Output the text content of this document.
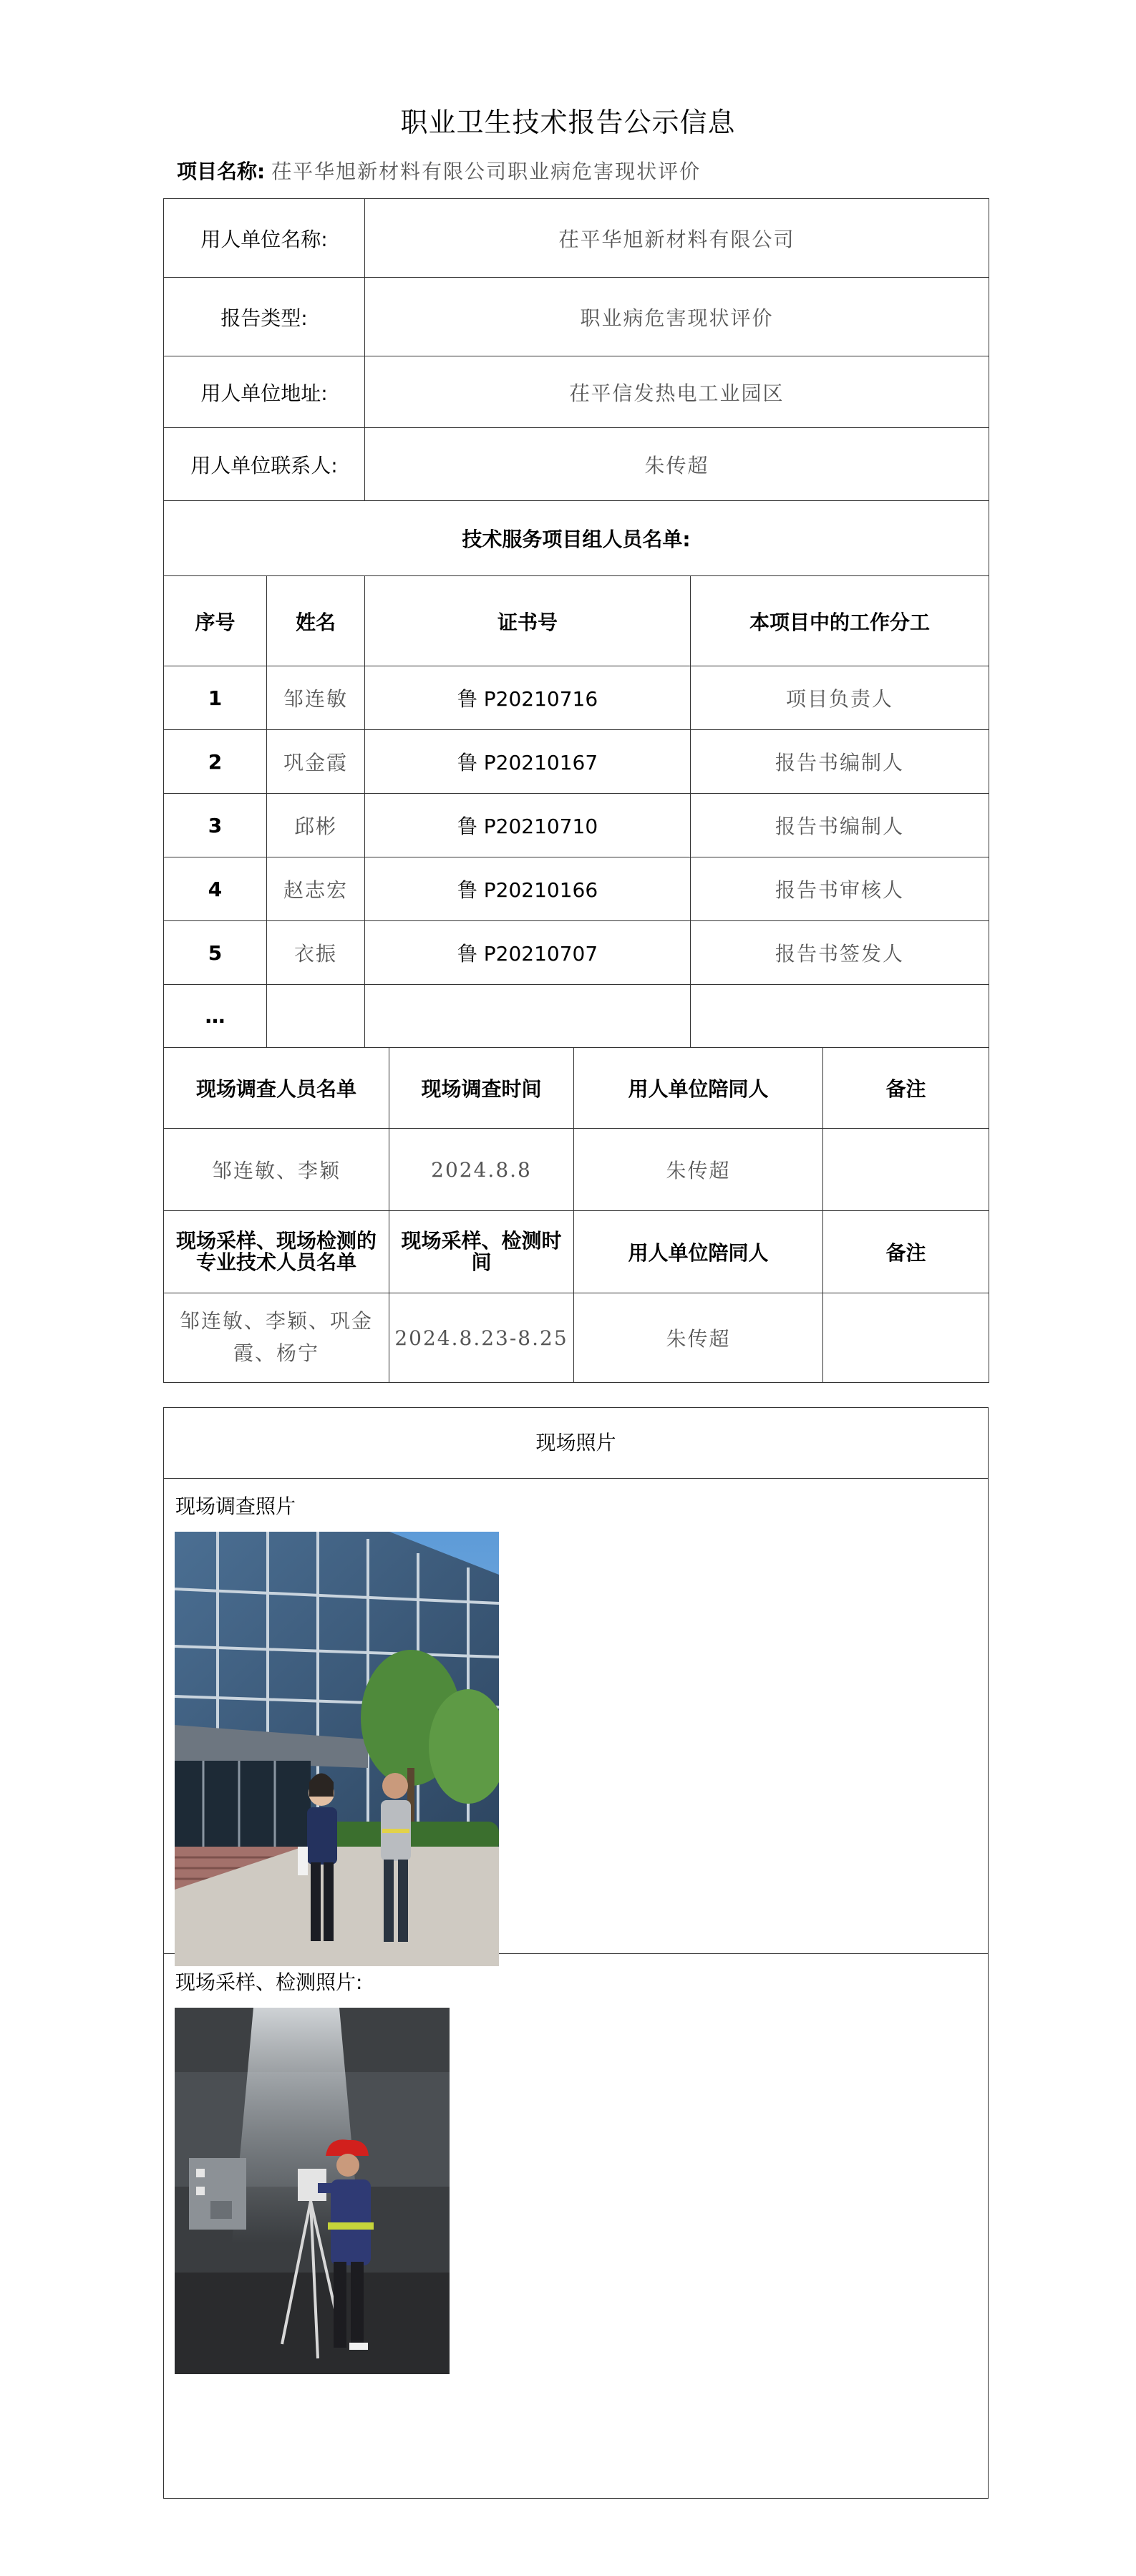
职业卫生技术报告公示信息
项目名称: 茌平华旭新材料有限公司职业病危害现状评价
用人单位名称:		茌平华旭新材料有限公司	
报告类型:		职业病危害现状评价	
用人单位地址:		茌平信发热电工业园区	
用人单位联系人:		朱传超	
技术服务项目组人员名单:			
序号	姓名	证书号	本项目中的工作分工
1	邹连敏	鲁 P20210716	项目负责人
2	巩金霞	鲁 P20210167	报告书编制人
3	邱彬	鲁 P20210710	报告书编制人
4	赵志宏	鲁 P20210166	报告书审核人
5	衣振	鲁 P20210707	报告书签发人
…			
现场调查人员名单	现场调查时间	用人单位陪同人	备注
邹连敏、李颖	2024.8.8	朱传超	
现场采样、现场检测的专业技术人员名单	现场采样、检测时间	用人单位陪同人	备注
邹连敏、李颖、巩金霞、杨宁	2024.8.23-8.25	朱传超	
现场照片
现场调查照片
现场采样、检测照片:
